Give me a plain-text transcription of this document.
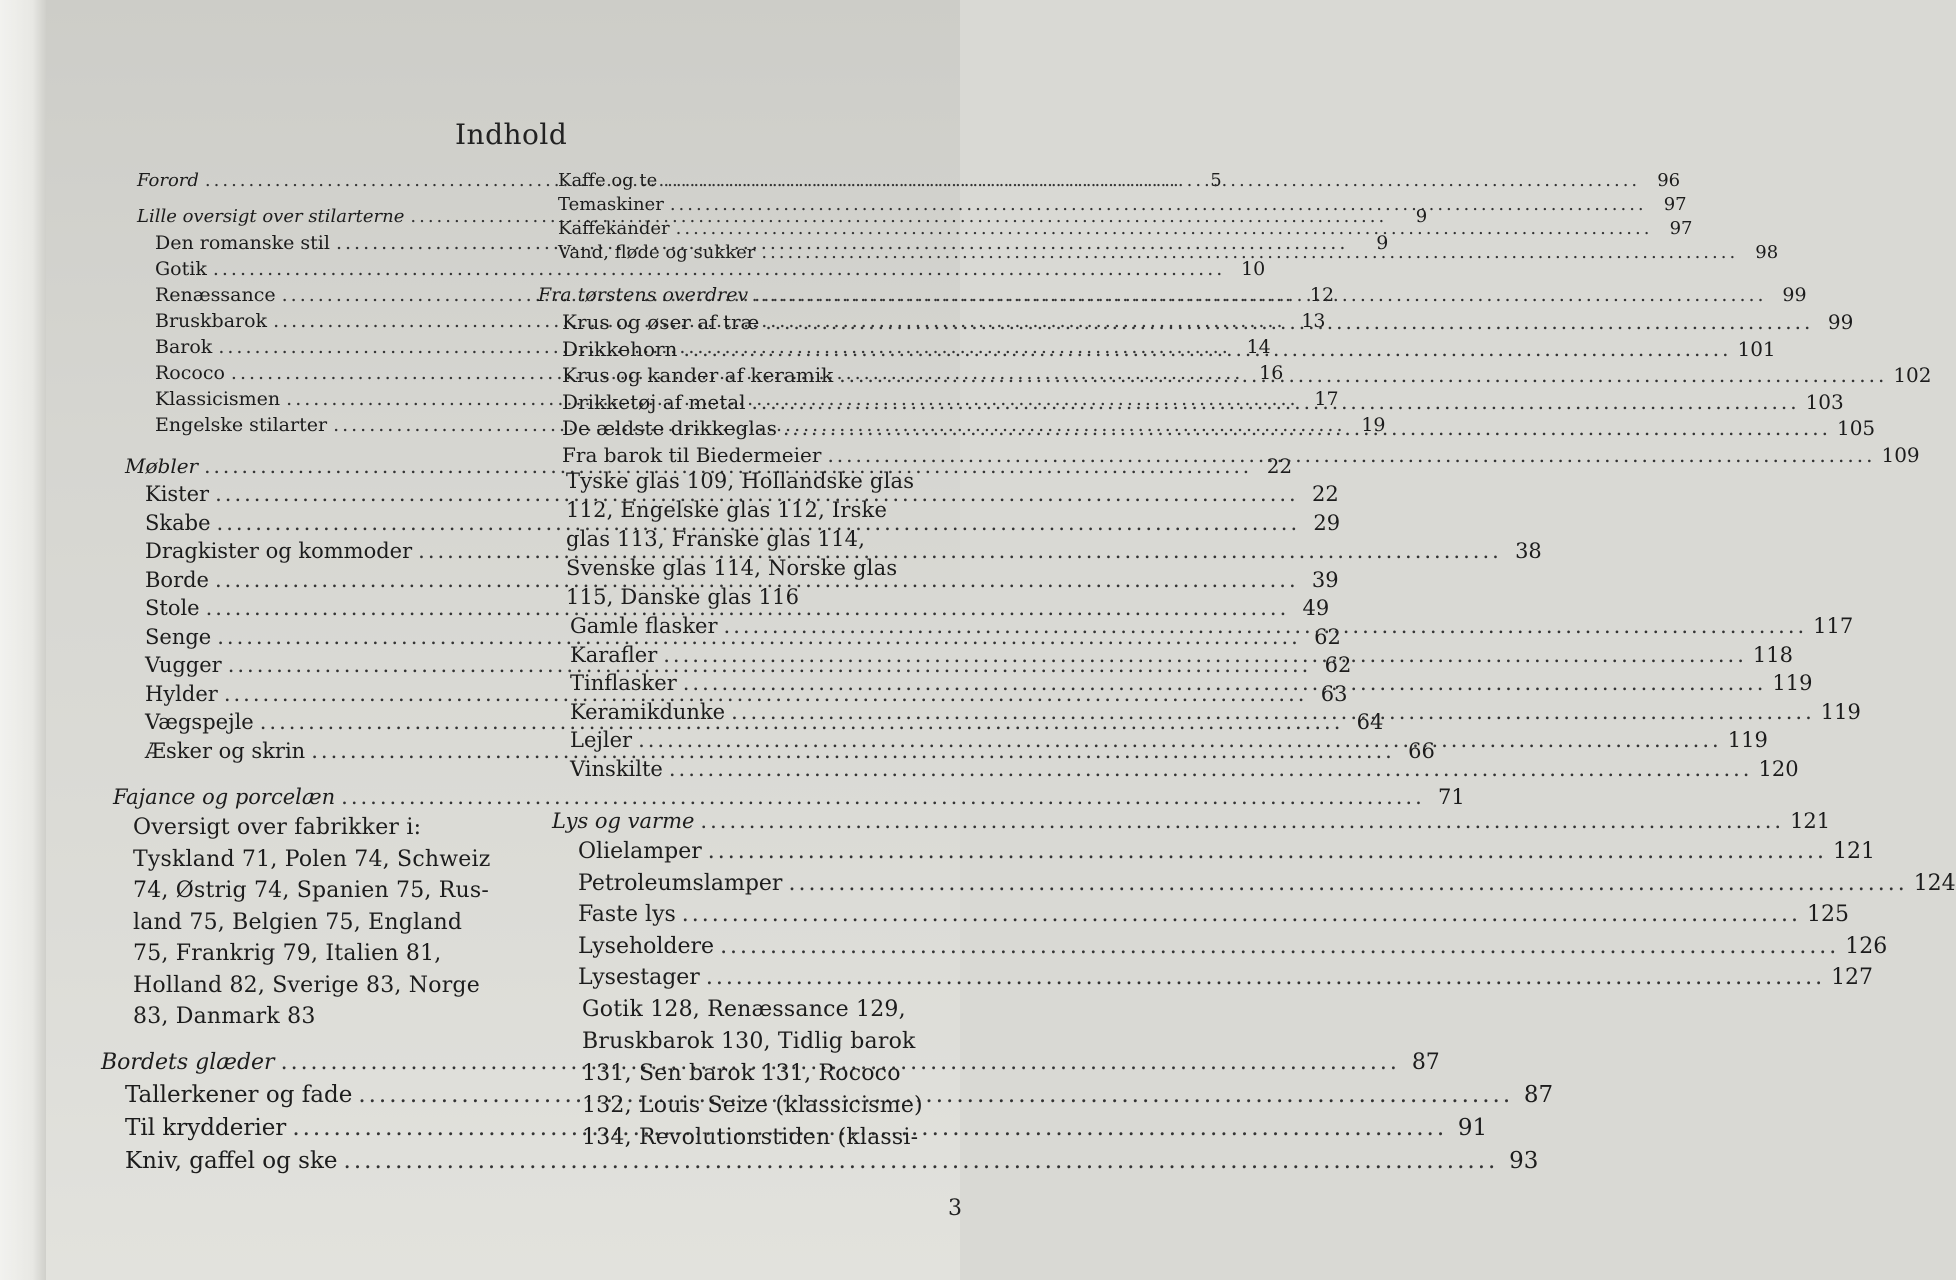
Indhold
Forord .....	5
Lille oversigt over stilarterne .....	9
Den romanske stil .....	9
Gotik .....	10
Renæssance .....	12
Bruskbarok .....	13
Barok .....	14
Rococo .....	16
Klassicismen .....	17
Engelske stilarter .....	19
Møbler .....	22
Kister .....	22
Skabe .....	29
Dragkister og kommoder .....	38
Borde .....	39
Stole .....	49
Senge .....	62
Vugger .....	62
Hylder .....	63
Vægspejle .....	64
Æsker og skrin .....	66
Fajance og porcelæn .....	71
Oversigt over fabrikker i:
Tyskland 71, Polen 74, Schweiz
74, Østrig 74, Spanien 75, Rus-
land 75, Belgien 75, England
75, Frankrig 79, Italien 81,
Holland 82, Sverige 83, Norge
83, Danmark 83
Bordets glæder .....	87
Tallerkener og fade .....	87
Til krydderier .....	91
Kniv, gaffel og ske .....	93
Kaffe og te .....	96
Temaskiner .....	97
Kaffekander .....	97
Vand, fløde og sukker .....	98
Fra tørstens overdrev .....	99
Krus og øser af træ .....	99
Drikkehorn .....	101
Krus og kander af keramik .....	102
Drikketøj af metal .....	103
De ældste drikkeglas .....	105
Fra barok til Biedermeier .....	109
Tyske glas 109, Hollandske glas
112, Engelske glas 112, Irske
glas 113, Franske glas 114,
Svenske glas 114, Norske glas
115, Danske glas 116
Gamle flasker .....	117
Karafler .....	118
Tinflasker .....	119
Keramikdunke .....	119
Lejler .....	119
Vinskilte .....	120
Lys og varme .....	121
Olielamper .....	121
Petroleumslamper .....	124
Faste lys .....	125
Lyseholdere .....	126
Lysestager .....	127
Gotik 128, Renæssance 129,
Bruskbarok 130, Tidlig barok
131, Sen barok 131, Rococo
132, Louis Seize (klassicisme)
134, Revolutionstiden (klassi-
3
